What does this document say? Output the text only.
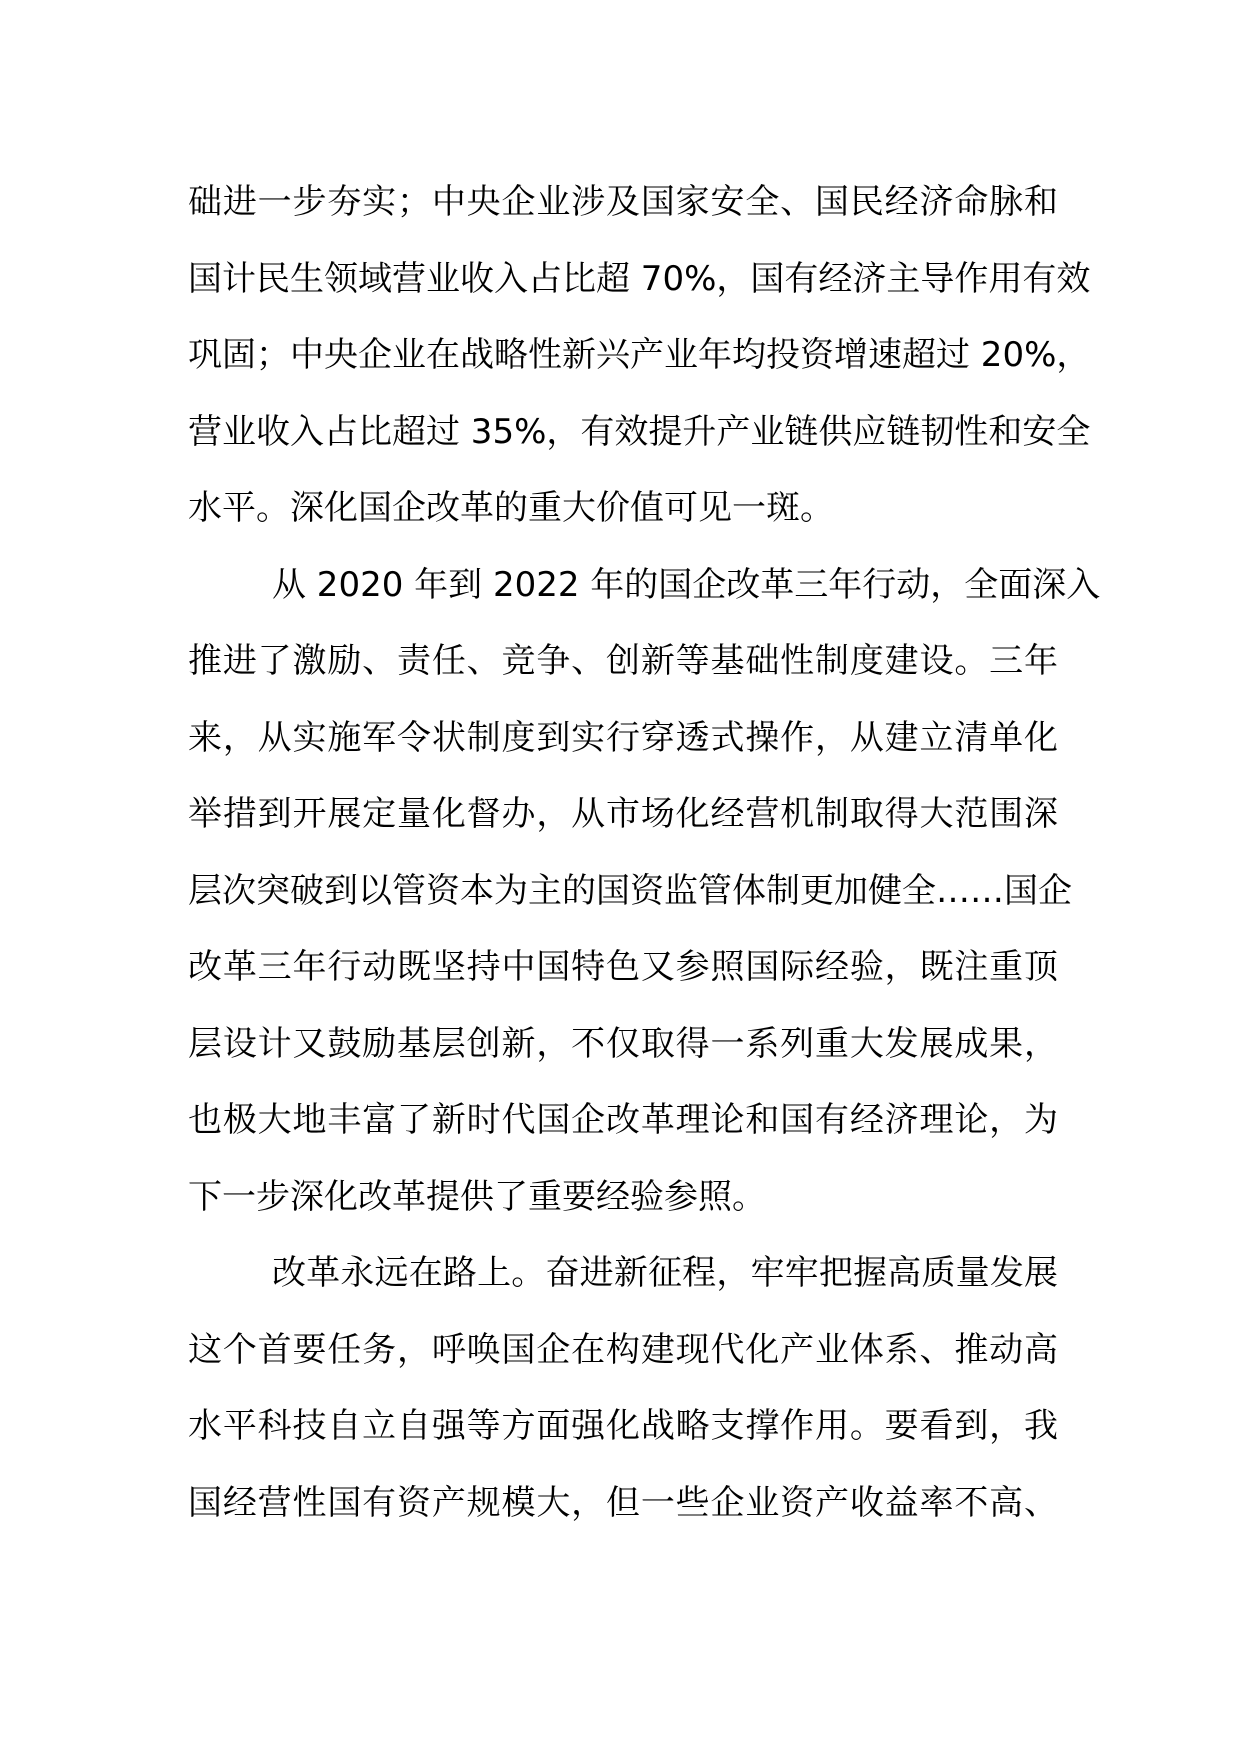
础进一步夯实；中央企业涉及国家安全、国民经济命脉和
国计民生领域营业收入占比超 70%，国有经济主导作用有效
巩固；中央企业在战略性新兴产业年均投资增速超过 20%，
营业收入占比超过 35%，有效提升产业链供应链韧性和安全
水平。深化国企改革的重大价值可见一斑。
从 2020 年到 2022 年的国企改革三年行动，全面深入
推进了激励、责任、竞争、创新等基础性制度建设。三年
来，从实施军令状制度到实行穿透式操作，从建立清单化
举措到开展定量化督办，从市场化经营机制取得大范围深
层次突破到以管资本为主的国资监管体制更加健全……国企
改革三年行动既坚持中国特色又参照国际经验，既注重顶
层设计又鼓励基层创新，不仅取得一系列重大发展成果，
也极大地丰富了新时代国企改革理论和国有经济理论，为
下一步深化改革提供了重要经验参照。
改革永远在路上。奋进新征程，牢牢把握高质量发展
这个首要任务，呼唤国企在构建现代化产业体系、推动高
水平科技自立自强等方面强化战略支撑作用。要看到，我
国经营性国有资产规模大，但一些企业资产收益率不高、
